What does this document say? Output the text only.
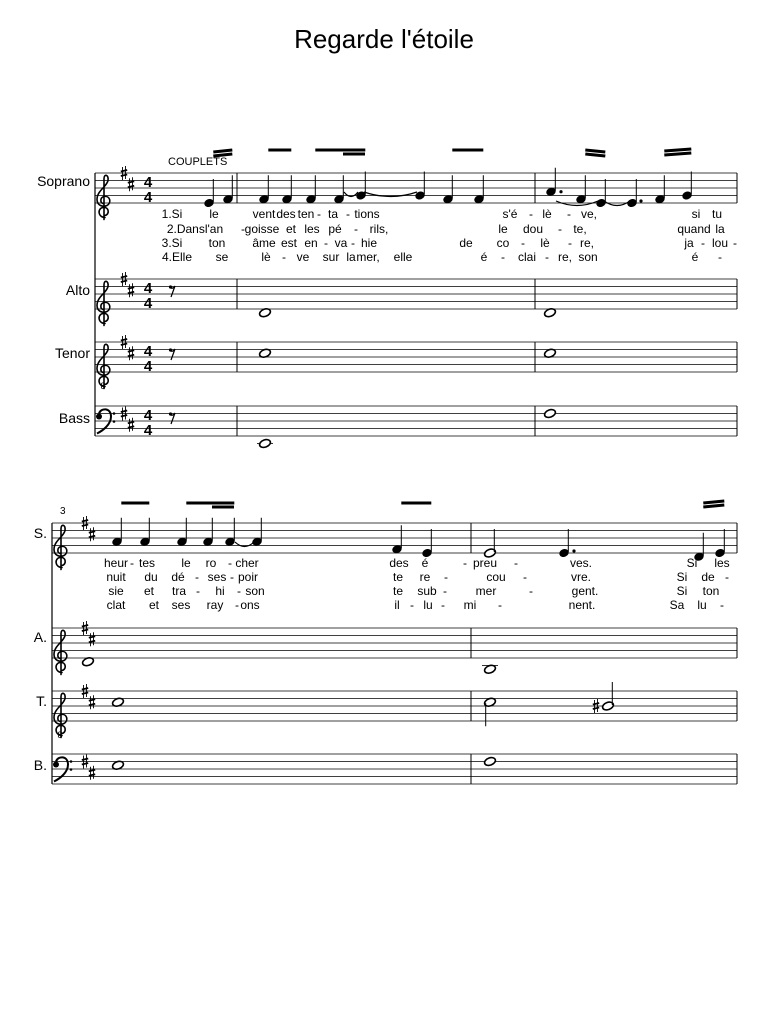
Regarde l'étoile
Soprano
Alto
Tenor
Bass
4
4
4
4
4
4
8
4
4
COUPLETS
1.Si le	vent des ten - ta - tions	s'é - lè - ve,	si tu
2.Dansl'an - goisse et les pé - rils,	le dou - te,	quand la
3.Si ton âme est en - va - hie	de co - lè - re,	ja - lou -
4.Elle se	lè - ve sur la mer, elle	é - clai - re, son	é -
3
S.
A.
T.
B.
8
heur - tes le ro - cher	des é	- preu -	ves.	Si les
nuit du dé - ses - poir	te re -	cou -	vre.	Si de -
sie et tra - hi - son	te sub - mer	-	gent.	Si ton
clat et ses ray - ons	il - lu - mi -	nent.	Sa lu -
